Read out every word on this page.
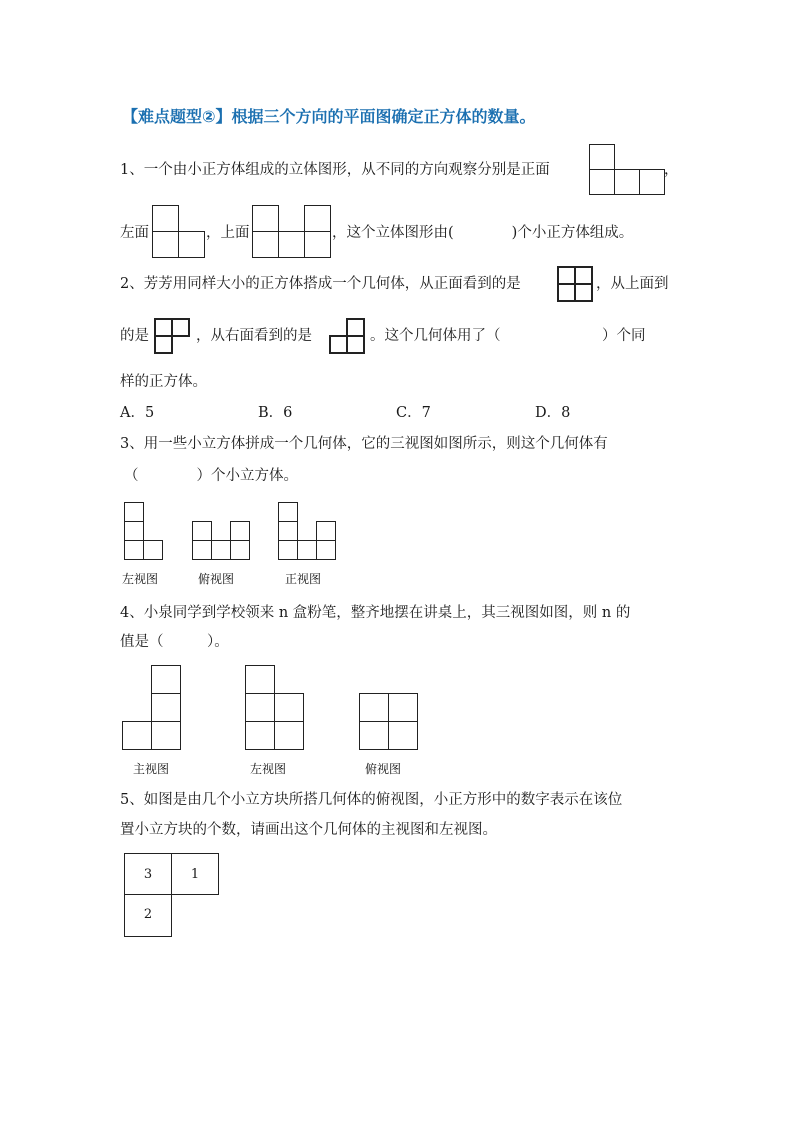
【难点题型②】根据三个方向的平面图确定正方体的数量。
1、一个由小正方体组成的立体图形，从不同的方向观察分别是正面	，
左面	，上面	，这个立体图形由(　　　　)个小正方体组成。
2、芳芳用同样大小的正方体搭成一个几何体，从正面看到的是	，从上面到
的是	，从右面看到的是	。这个几何体用了（　　　　　　　）个同
样的正方体。
A．5	B．6	C．7	D．8
3、用一些小立方体拼成一个几何体，它的三视图如图所示，则这个几何体有
（　　　　）个小立方体。
左视图	俯视图	正视图
4、小泉同学到学校领来 n 盒粉笔，整齐地摆在讲桌上，其三视图如图，则 n 的
值是（　　　）。
主视图	左视图	俯视图
5、如图是由几个小立方块所搭几何体的俯视图，小正方形中的数字表示在该位
置小立方块的个数，请画出这个几何体的主视图和左视图。
3	1
2
